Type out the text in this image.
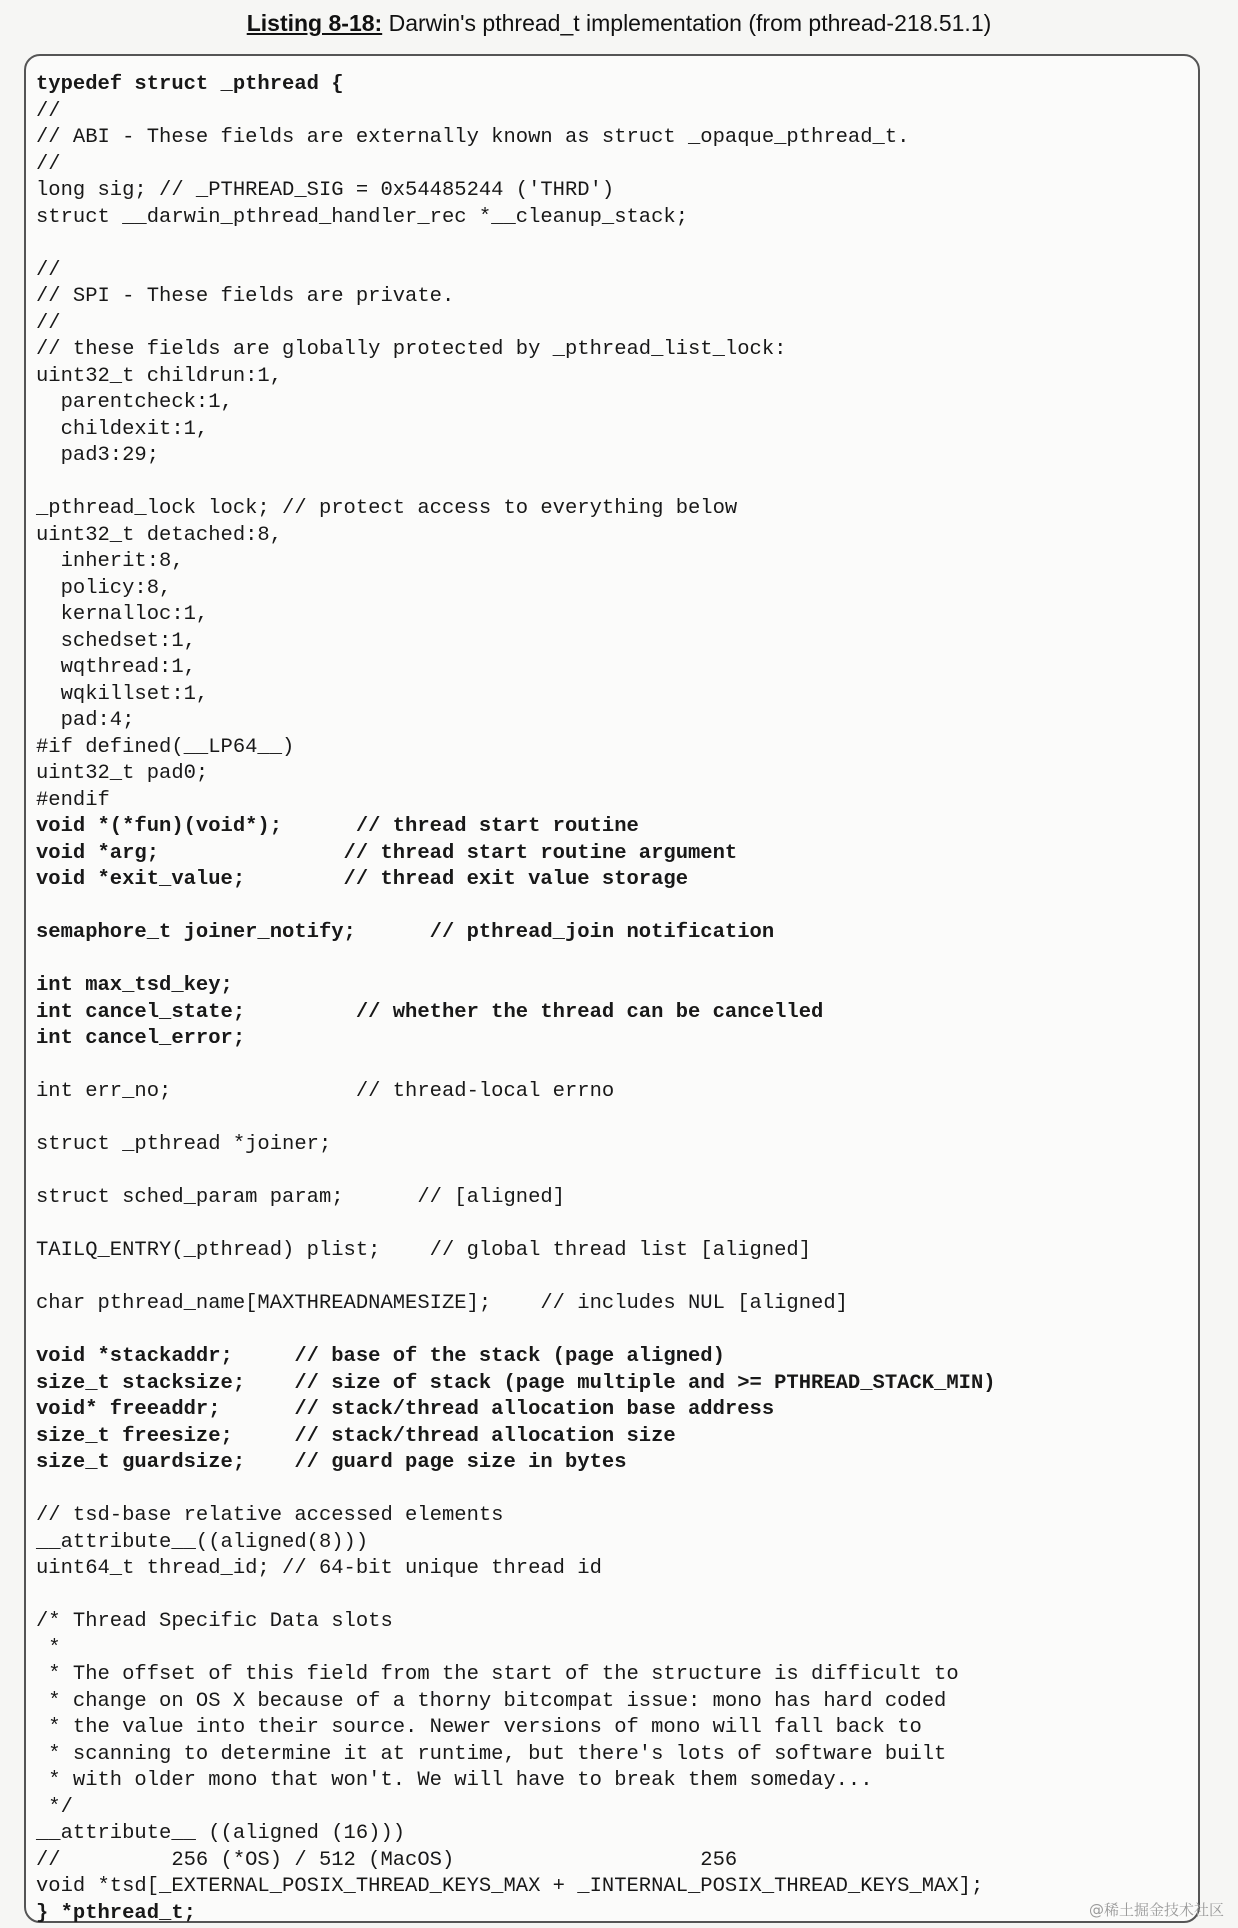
Listing 8-18: Darwin's pthread_t implementation (from pthread-218.51.1)
typedef struct _pthread {
//
// ABI - These fields are externally known as struct _opaque_pthread_t.
//
long sig; // _PTHREAD_SIG = 0x54485244 ('THRD')
struct __darwin_pthread_handler_rec *__cleanup_stack;
//
// SPI - These fields are private.
//
// these fields are globally protected by _pthread_list_lock:
uint32_t childrun:1,
parentcheck:1,
childexit:1,
pad3:29;
_pthread_lock lock; // protect access to everything below
uint32_t detached:8,
inherit:8,
policy:8,
kernalloc:1,
schedset:1,
wqthread:1,
wqkillset:1,
pad:4;
#if defined(__LP64__)
uint32_t pad0;
#endif
void *(*fun)(void*);      // thread start routine
void *arg;               // thread start routine argument
void *exit_value;        // thread exit value storage
semaphore_t joiner_notify;      // pthread_join notification
int max_tsd_key;
int cancel_state;         // whether the thread can be cancelled
int cancel_error;
int err_no;               // thread-local errno
struct _pthread *joiner;
struct sched_param param;      // [aligned]
TAILQ_ENTRY(_pthread) plist;    // global thread list [aligned]
char pthread_name[MAXTHREADNAMESIZE];    // includes NUL [aligned]
void *stackaddr;     // base of the stack (page aligned)
size_t stacksize;    // size of stack (page multiple and >= PTHREAD_STACK_MIN)
void* freeaddr;      // stack/thread allocation base address
size_t freesize;     // stack/thread allocation size
size_t guardsize;    // guard page size in bytes
// tsd-base relative accessed elements
__attribute__((aligned(8)))
uint64_t thread_id; // 64-bit unique thread id
/* Thread Specific Data slots
*
* The offset of this field from the start of the structure is difficult to
* change on OS X because of a thorny bitcompat issue: mono has hard coded
* the value into their source. Newer versions of mono will fall back to
* scanning to determine it at runtime, but there's lots of software built
* with older mono that won't. We will have to break them someday...
*/
__attribute__ ((aligned (16)))
//         256 (*OS) / 512 (MacOS)                    256
void *tsd[_EXTERNAL_POSIX_THREAD_KEYS_MAX + _INTERNAL_POSIX_THREAD_KEYS_MAX];
} *pthread_t;	@稀土掘金技术社区
